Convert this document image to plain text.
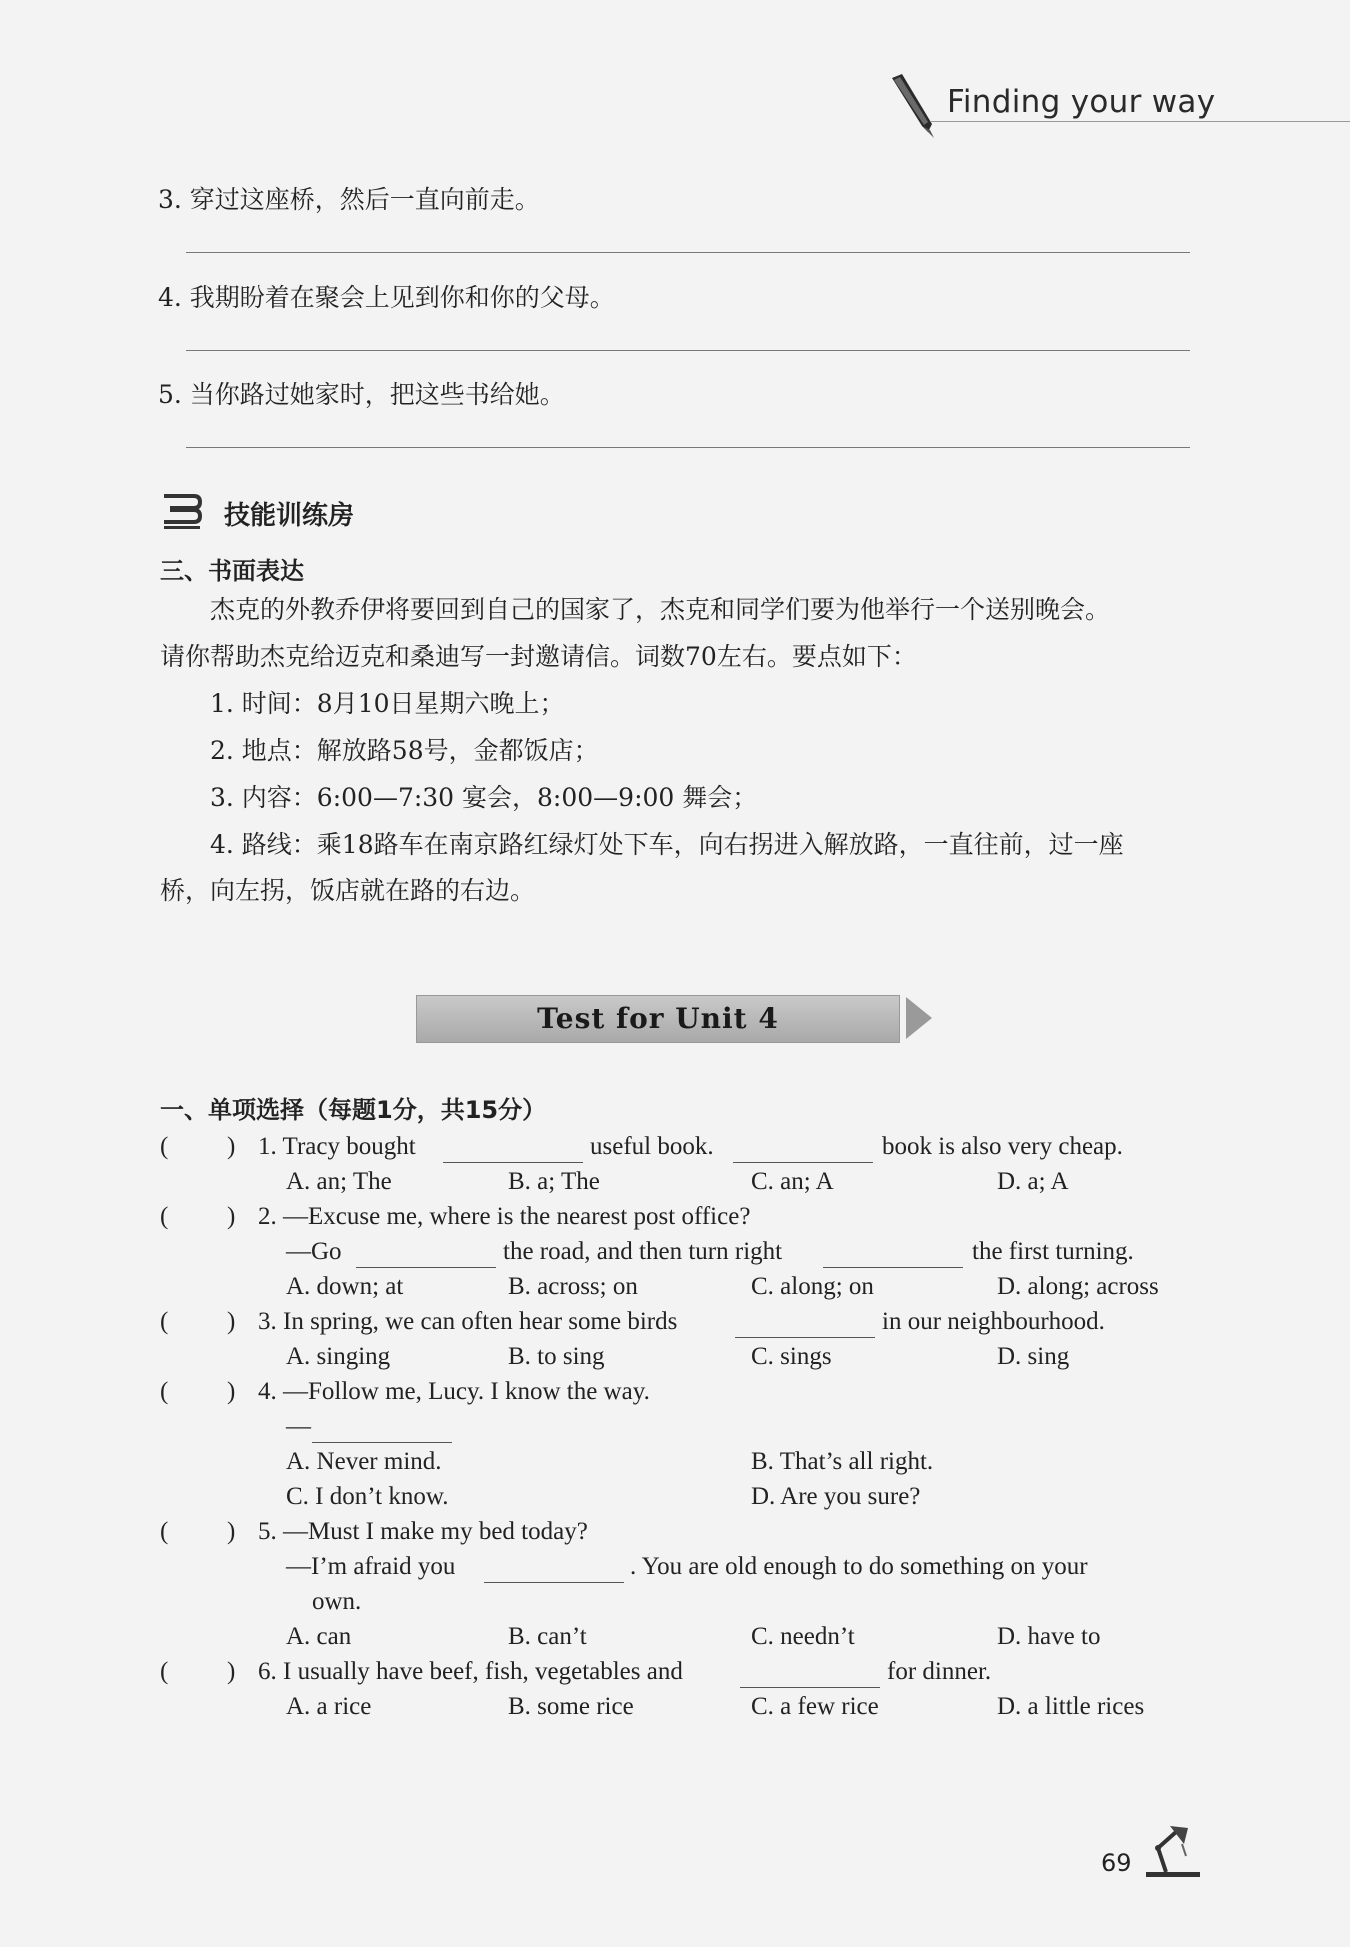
Finding your way
3. 穿过这座桥，然后一直向前走。
4. 我期盼着在聚会上见到你和你的父母。
5. 当你路过她家时，把这些书给她。
技能训练房
三、书面表达
杰克的外教乔伊将要回到自己的国家了，杰克和同学们要为他举行一个送别晚会。
请你帮助杰克给迈克和桑迪写一封邀请信。词数70左右。要点如下：
1. 时间：8月10日星期六晚上；
2. 地点：解放路58号，金都饭店；
3. 内容：6:00—7:30 宴会，8:00—9:00 舞会；
4. 路线：乘18路车在南京路红绿灯处下车，向右拐进入解放路，一直往前，过一座
桥，向左拐，饭店就在路的右边。
Test for Unit 4
一、单项选择（每题1分，共15分）
( ) 1. Tracy bought	useful book.	book is also very cheap.
A. an; The	B. a; The	C. an; A	D. a; A
( ) 2. —Excuse me, where is the nearest post office?
—Go	the road, and then turn right	the first turning.
A. down; at	B. across; on	C. along; on	D. along; across
( ) 3. In spring, we can often hear some birds	in our neighbourhood.
A. singing	B. to sing	C. sings	D. sing
( ) 4. —Follow me, Lucy. I know the way.
—
A. Never mind.	B. That’s all right.
C. I don’t know.	D. Are you sure?
( ) 5. —Must I make my bed today?
—I’m afraid you	. You are old enough to do something on your
own.
A. can	B. can’t	C. needn’t	D. have to
( ) 6. I usually have beef, fish, vegetables and	for dinner.
A. a rice	B. some rice	C. a few rice	D. a little rices
69
